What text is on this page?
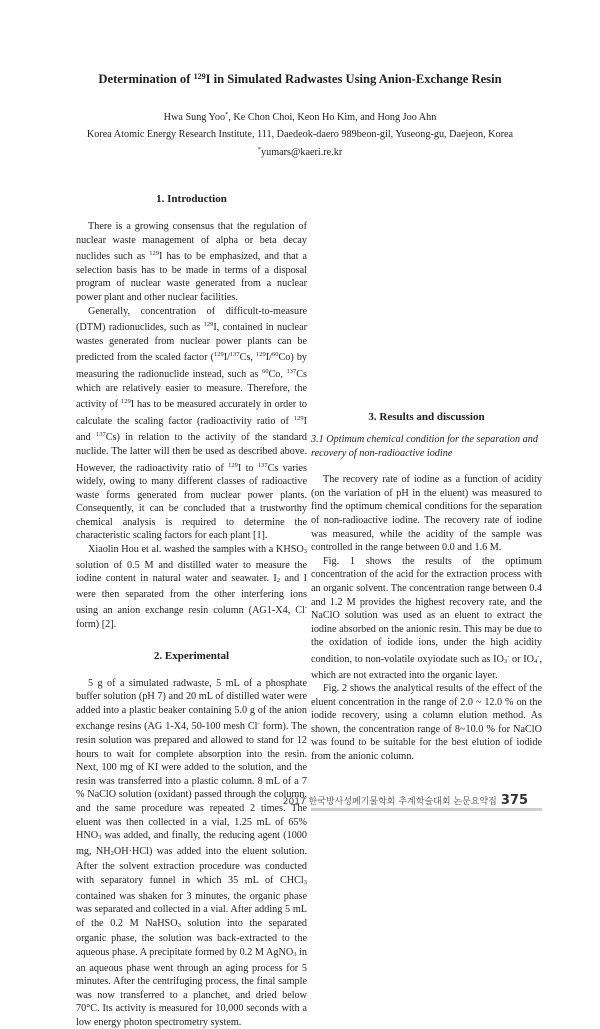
Determination of $^{129}$I in Simulated Radwastes Using Anion-Exchange Resin
Hwa Sung Yoo*, Ke Chon Choi, Keon Ho Kim, and Hong Joo Ahn
Korea Atomic Energy Research Institute, 111, Daedeok-daero 989beon-gil, Yuseong-gu, Daejeon, Korea
*yumars@kaeri.re.kr
1. Introduction

There is a growing consensus that the regulation of nuclear waste management of alpha or beta decay nuclides such as $^{129}$I has to be emphasized, and that a selection basis has to be made in terms of a disposal program of nuclear waste generated from a nuclear power plant and other nuclear facilities.

Generally, concentration of difficult-to-measure (DTM) radionuclides, such as $^{129}$I, contained in nuclear wastes generated from nuclear power plants can be predicted from the scaled factor ($^{129}$I/$^{137}$Cs, $^{129}$I/$^{60}$Co) by measuring the radionuclide instead, such as $^{60}$Co, $^{137}$Cs which are relatively easier to measure. Therefore, the activity of $^{129}$I has to be measured accurately in order to calculate the scaling factor (radioactivity ratio of $^{129}$I and $^{137}$Cs) in relation to the activity of the standard nuclide. The latter will then be used as described above. However, the radioactivity ratio of $^{129}$I to $^{137}$Cs varies widely, owing to many different classes of radioactive waste forms generated from nuclear power plants. Consequently, it can be concluded that a trustworthy chemical analysis is required to determine the characteristic scaling factors for each plant [1].

Xiaolin Hou et al. washed the samples with a $KHSO_3$ solution of 0.5 M and distilled water to measure the iodine content in natural water and seawater. $I_2$ and I were then separated from the other interfering ions using an anion exchange resin column (AG1-X4, Cl- form) [2].

2. Experimental

5 g of a simulated radwaste, 5 mL of a phosphate buffer solution (pH 7) and 20 mL of distilled water were added into a plastic beaker containing 5.0 g of the anion exchange resins (AG 1-X4, 50-100 mesh Cl- form). The resin solution was prepared and allowed to stand for 12 hours to wait for complete absorption into the resin. Next, 100 mg of KI were added to the solution, and the resin was transferred into a plastic column. 8 mL of a 7 % NaClO solution (oxidant) passed through the column, and the same procedure was repeated 2 times. The eluent was then collected in a vial, 1.25 mL of 65% $HNO_3$ was added, and finally, the reducing agent (1000 mg, $NH_2OH\cdot HCl$) was added into the eluent solution. After the solvent extraction procedure was conducted with separatory funnel in which 35 mL of CHCl$_3$ contained was shaken for 3 minutes, the organic phase was separated and collected in a vial. After adding 5 mL of the 0.2 M NaHSO$_3$ solution into the separated organic phase, the solution was back-extracted to the aqueous phase. A precipitate formed by 0.2 M AgNO$_3$ in an aqueous phase went through an aging process for 5 minutes. After the centrifuging process, the final sample was now transferred to a planchet, and dried below 70°C. Its activity is measured for 10,000 seconds with a low energy photon spectrometry system.

3. Results and discussion

3.1 Optimum chemical condition for the separation and recovery of non-radioactive iodine

The recovery rate of iodine as a function of acidity (on the variation of pH in the eluent) was measured to find the optimum chemical conditions for the separation of non-radioactive iodine. The recovery rate of iodine was measured, while the acidity of the sample was controlled in the range between 0.0 and 1.6 M.

Fig. 1 shows the results of the optimum concentration of the acid for the extraction process with an organic solvent. The concentration range between 0.4 and 1.2 M provides the highest recovery rate, and the NaClO solution was used as an eluent to extract the iodine absorbed on the anionic resin. This may be due to the oxidation of iodide ions, under the high acidity condition, to non-volatile oxyiodate such as $IO_3^-$ or $IO_4^-$, which are not extracted into the organic layer.

Fig. 2 shows the analytical results of the effect of the eluent concentration in the range of 2.0 ~ 12.0 % on the iodide recovery, using a column elution method. As shown, the concentration range of 8~10.0 % for NaClO was found to be suitable for the best elution of iodide from the anionic column.

2017 한국방사성폐기물학회 추계학술대회 논문요약집 375
